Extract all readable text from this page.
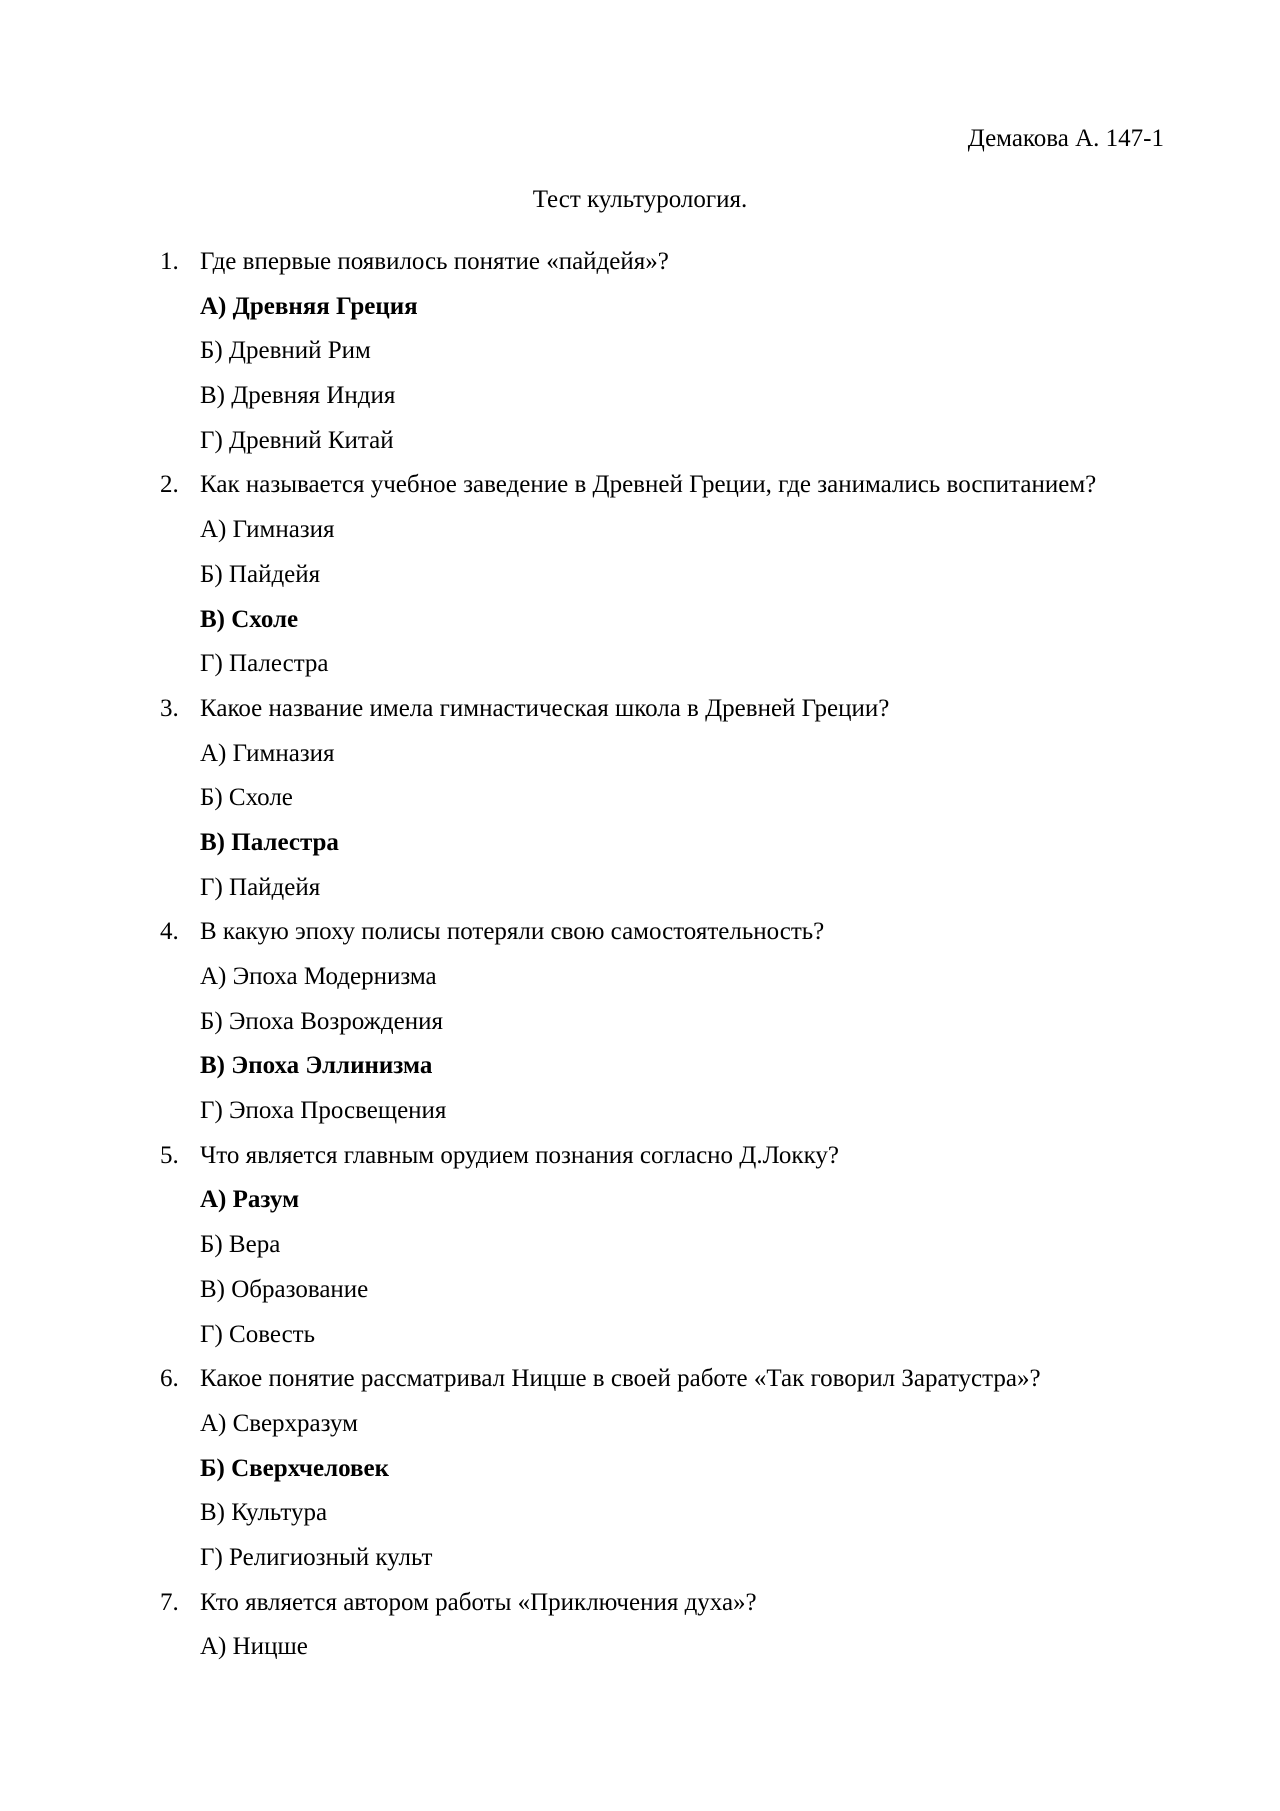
Демакова А. 147-1
Тест культурология.
1. Где впервые появилось понятие «пайдейя»?
А) Древняя Греция
Б) Древний Рим
В) Древняя Индия
Г) Древний Китай
2. Как называется учебное заведение в Древней Греции, где занимались воспитанием?
А) Гимназия
Б) Пайдейя
В) Схоле
Г) Палестра
3. Какое название имела гимнастическая школа в Древней Греции?
А) Гимназия
Б) Схоле
В) Палестра
Г) Пайдейя
4. В какую эпоху полисы потеряли свою самостоятельность?
А) Эпоха Модернизма
Б) Эпоха Возрождения
В) Эпоха Эллинизма
Г) Эпоха Просвещения
5. Что является главным орудием познания согласно Д.Локку?
А) Разум
Б) Вера
В) Образование
Г) Совесть
6. Какое понятие рассматривал Ницше в своей работе «Так говорил Заратустра»?
А) Сверхразум
Б) Сверхчеловек
В) Культура
Г) Религиозный культ
7. Кто является автором работы «Приключения духа»?
А) Ницше
